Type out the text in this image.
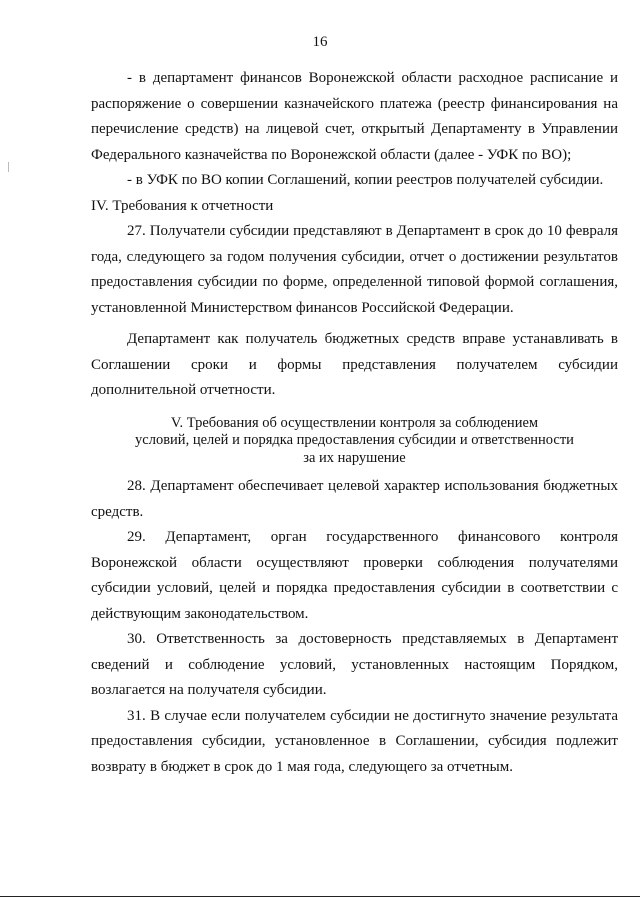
16

- в департамент финансов Воронежской области расходное расписание и распоряжение о совершении казначейского платежа (реестр финансирования на перечисление средств) на лицевой счет, открытый Департаменту в Управлении Федерального казначейства по Воронежской области (далее - УФК по ВО);

- в УФК по ВО копии Соглашений, копии реестров получателей субсидии.

IV. Требования к отчетности

27. Получатели субсидии представляют в Департамент в срок до 10 февраля года, следующего за годом получения субсидии, отчет о достижении результатов предоставления субсидии по форме, определенной типовой формой соглашения, установленной Министерством финансов Российской Федерации.

Департамент как получатель бюджетных средств вправе устанавливать в Соглашении сроки и формы представления получателем субсидии дополнительной отчетности.

V. Требования об осуществлении контроля за соблюдением
условий, целей и порядка предоставления субсидии и ответственности
за их нарушение

28. Департамент обеспечивает целевой характер использования бюджетных средств.

29. Департамент, орган государственного финансового контроля Воронежской области осуществляют проверки соблюдения получателями субсидии условий, целей и порядка предоставления субсидии в соответствии с действующим законодательством.

30. Ответственность за достоверность представляемых в Департамент сведений и соблюдение условий, установленных настоящим Порядком, возлагается на получателя субсидии.

31. В случае если получателем субсидии не достигнуто значение результата предоставления субсидии, установленное в Соглашении, субсидия подлежит возврату в бюджет в срок до 1 мая года, следующего за отчетным.
